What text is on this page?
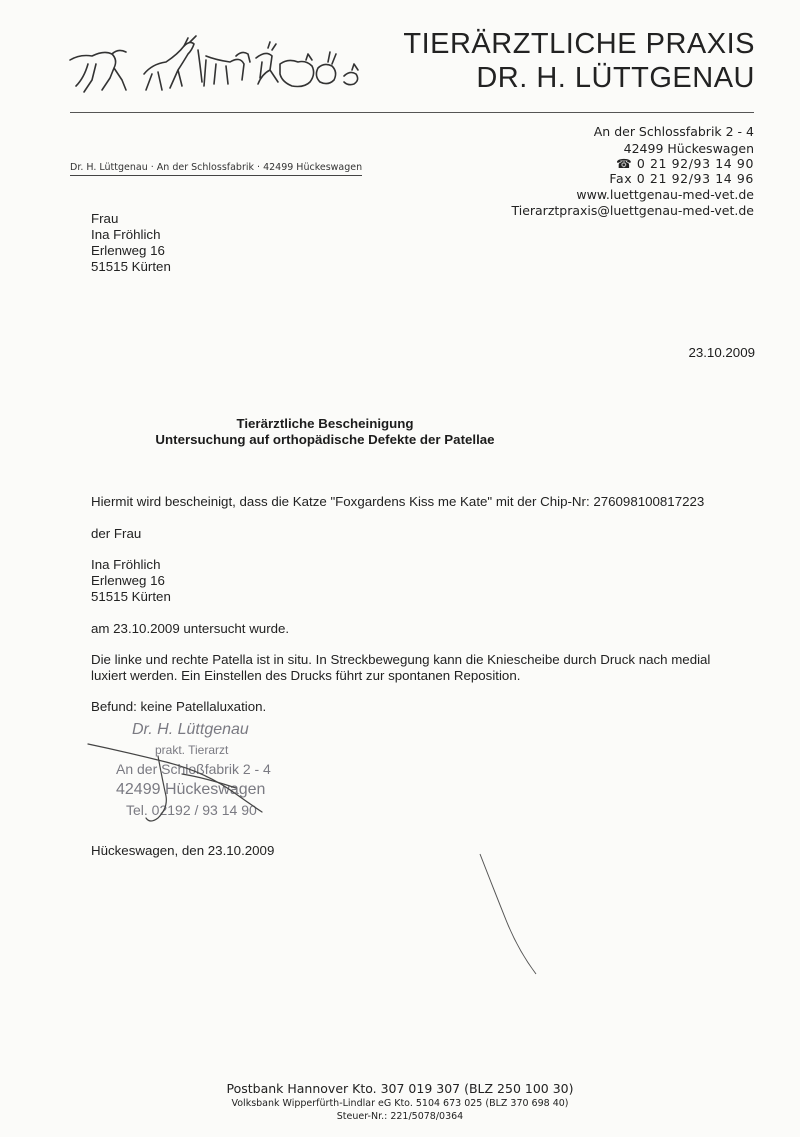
TIERÄRZTLICHE PRAXIS
DR. H. LÜTTGENAU
Dr. H. Lüttgenau · An der Schlossfabrik · 42499 Hückeswagen
An der Schlossfabrik 2 - 4
42499 Hückeswagen
☎ 0 21 92/93 14 90
Fax 0 21 92/93 14 96
www.luettgenau-med-vet.de
Tierarztpraxis@luettgenau-med-vet.de
Frau
Ina Fröhlich
Erlenweg 16
51515 Kürten
23.10.2009
Tierärztliche Bescheinigung
Untersuchung auf orthopädische Defekte der Patellae
Hiermit wird bescheinigt, dass die Katze "Foxgardens Kiss me Kate" mit der Chip-Nr: 276098100817223
der Frau
Ina Fröhlich
Erlenweg 16
51515 Kürten
am 23.10.2009 untersucht wurde.
Die linke und rechte Patella ist in situ. In Streckbewegung kann die Kniescheibe durch Druck nach medial
luxiert werden. Ein Einstellen des Drucks führt zur spontanen Reposition.
Befund: keine Patellaluxation.
Dr. H. Lüttgenau
prakt. Tierarzt
An der Schloßfabrik 2 - 4
42499 Hückeswagen
Tel. 02192 / 93 14 90
Hückeswagen, den 23.10.2009
Postbank Hannover Kto. 307 019 307 (BLZ 250 100 30)
Volksbank Wipperfürth-Lindlar eG Kto. 5104 673 025 (BLZ 370 698 40)
Steuer-Nr.: 221/5078/0364
